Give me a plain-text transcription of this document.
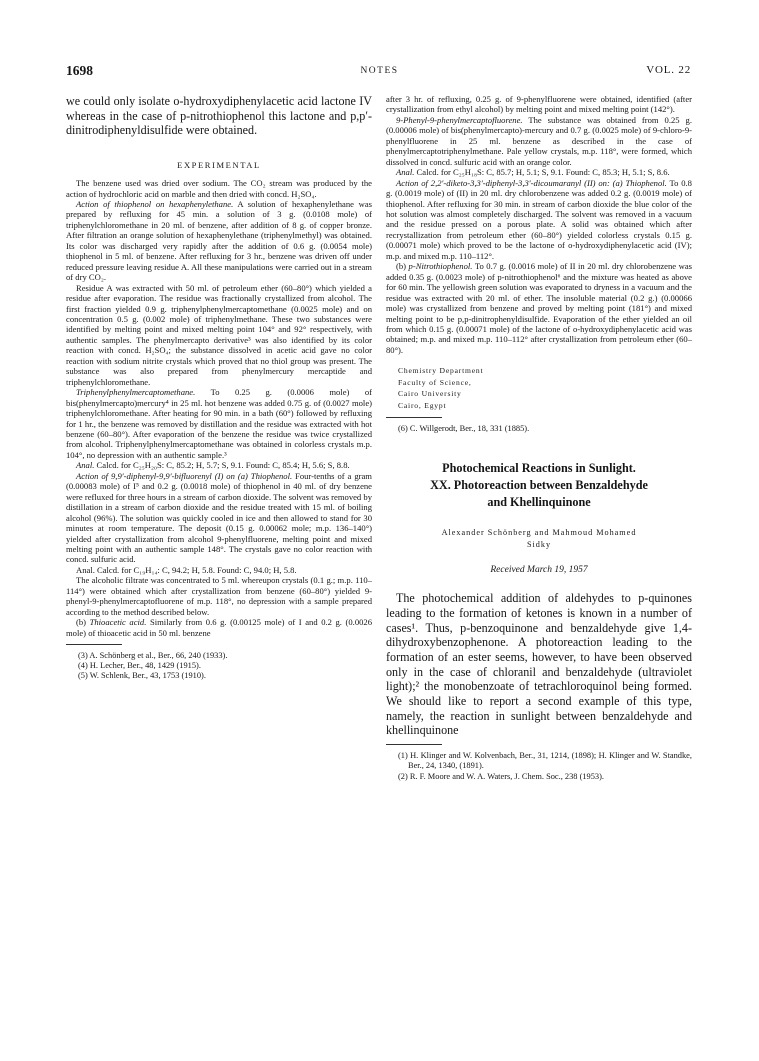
1698	NOTES	VOL. 22

we could only isolate o-hydroxydiphenylacetic acid lactone IV whereas in the case of p-nitrothiophenol this lactone and p,p′-dinitrodiphenyldisulfide were obtained.

EXPERIMENTAL

The benzene used was dried over sodium. The CO₂ stream was produced by the action of hydrochloric acid on marble and then dried with concd. H₂SO₄.

Action of thiophenol on hexaphenylethane. A solution of hexaphenylethane was prepared by refluxing for 45 min. a solution of 3 g. (0.0108 mole) of triphenylchloromethane in 20 ml. of benzene, after addition of 8 g. of copper bronze. After filtration an orange solution of hexaphenylethane (triphenylmethyl) was obtained. Its color was discharged very rapidly after the addition of 0.6 g. (0.0054 mole) thiophenol in 5 ml. of benzene. After refluxing for 3 hr., benzene was driven off under reduced pressure leaving residue A. All these manipulations were carried out in a stream of dry CO₂.

Residue A was extracted with 50 ml. of petroleum ether (60–80°) which yielded a residue after evaporation. The residue was fractionally crystallized from alcohol. The first fraction yielded 0.9 g. triphenylphenylmercaptomethane (0.0025 mole) and on concentration 0.5 g. (0.002 mole) of triphenylmethane. These two substances were identified by melting point and mixed melting point 104° and 92° respectively, with authentic samples. The phenylmercapto derivative³ was also identified by its color reaction with concd. H₂SO₄; the substance dissolved in acetic acid gave no color reaction with sodium nitrite crystals which proved that no thiol group was present. The substance was also prepared from phenylmercury mercaptide and triphenylchloromethane.

Triphenylphenylmercaptomethane. To 0.25 g. (0.0006 mole) of bis(phenylmercapto)mercury⁴ in 25 ml. hot benzene was added 0.75 g. of (0.0027 mole) triphenylchloromethane. After heating for 90 min. in a bath (60°) followed by refluxing for 1 hr., the benzene was removed by distillation and the residue was extracted with hot benzene (60–80°). After evaporation of the benzene the residue was twice crystallized from alcohol. Triphenylphenylmercaptomethane was obtained in colorless crystals m.p. 104°, no depression with an authentic sample.³

Anal. Calcd. for C₂₅H₂₀S: C, 85.2; H, 5.7; S, 9.1. Found: C, 85.4; H, 5.6; S, 8.8.

Action of 9,9′-diphenyl-9,9′-bifluorenyl (I) on (a) Thiophenol. Four-tenths of a gram (0.00083 mole) of I⁵ and 0.2 g. (0.0018 mole) of thiophenol in 40 ml. of dry benzene were refluxed for three hours in a stream of carbon dioxide. The solvent was removed by distillation in a stream of carbon dioxide and the residue treated with 15 ml. of boiling alcohol (96%). The solution was quickly cooled in ice and then allowed to stand for 30 minutes at room temperature. The deposit (0.15 g. 0.00062 mole; m.p. 136–140°) yielded after crystallization from alcohol 9-phenylfluorene, melting point and mixed melting point with an authentic sample 148°. The crystals gave no color reaction with concd. sulfuric acid.

Anal. Calcd. for C₁₉H₁₄: C, 94.2; H, 5.8. Found: C, 94.0; H, 5.8.

The alcoholic filtrate was concentrated to 5 ml. whereupon crystals (0.1 g.; m.p. 110–114°) were obtained which after crystallization from benzene (60–80°) yielded 9-phenyl-9-phenylmercaptofluorene of m.p. 118°, no depression with a sample prepared according to the method described below.

(b) Thioacetic acid. Similarly from 0.6 g. (0.00125 mole) of I and 0.2 g. (0.0026 mole) of thioacetic acid in 50 ml. benzene

(3) A. Schönberg et al., Ber., 66, 240 (1933).

(4) H. Lecher, Ber., 48, 1429 (1915).

(5) W. Schlenk, Ber., 43, 1753 (1910).

after 3 hr. of refluxing, 0.25 g. of 9-phenylfluorene were obtained, identified (after crystallization from ethyl alcohol) by melting point and mixed melting point (142°).

9-Phenyl-9-phenylmercaptofluorene. The substance was obtained from 0.25 g. (0.00006 mole) of bis(phenylmercapto)-mercury and 0.7 g. (0.0025 mole) of 9-chloro-9-phenylfluorene in 25 ml. benzene as described in the case of phenylmercaptotriphenylmethane. Pale yellow crystals, m.p. 118°, were formed, which dissolved in concd. sulfuric acid with an orange color.

Anal. Calcd. for C₂₅H₁₈S: C, 85.7; H, 5.1; S, 9.1. Found: C, 85.3; H, 5.1; S, 8.6.

Action of 2,2′-diketo-3,3′-diphenyl-3,3′-dicoumaranyl (II) on: (a) Thiophenol. To 0.8 g. (0.0019 mole) of (II) in 20 ml. dry chlorobenzene was added 0.2 g. (0.0019 mole) of thiophenol. After refluxing for 30 min. in stream of carbon dioxide the blue color of the hot solution was almost completely discharged. The solvent was removed in a vacuum and the residue pressed on a porous plate. A solid was obtained which after recrystallization from petroleum ether (60–80°) yielded colorless crystals 0.15 g. (0.00071 mole) which proved to be the lactone of o-hydroxydiphenylacetic acid (IV); m.p. and mixed m.p. 110–112°.

(b) p-Nitrothiophenol. To 0.7 g. (0.0016 mole) of II in 20 ml. dry chlorobenzene was added 0.35 g. (0.0023 mole) of p-nitrothiophenol⁶ and the mixture was heated as above for 60 min. The yellowish green solution was evaporated to dryness in a vacuum and the residue was extracted with 20 ml. of ether. The insoluble material (0.2 g.) (0.00066 mole) was crystallized from benzene and proved by melting point (181°) and mixed melting point to be p,p-dinitrophenyldisulfide. Evaporation of the ether yielded an oil from which 0.15 g. (0.00071 mole) of the lactone of o-hydroxydiphenylacetic acid was obtained; m.p. and mixed m.p. 110–112° after crystallization from petroleum ether (60–80°).

Chemistry Department
Faculty of Science,
Cairo University
Cairo, Egypt

(6) C. Willgerodt, Ber., 18, 331 (1885).

Photochemical Reactions in Sunlight.
XX. Photoreaction between Benzaldehyde
and Khellinquinone
Alexander Schönberg and Mahmoud Mohamed
Sidky
Received March 19, 1957

The photochemical addition of aldehydes to p-quinones leading to the formation of ketones is known in a number of cases¹. Thus, p-benzoquinone and benzaldehyde give 1,4-dihydroxybenzophenone. A photoreaction leading to the formation of an ester seems, however, to have been observed only in the case of chloranil and benzaldehyde (ultraviolet light);² the monobenzoate of tetrachloroquinol being formed. We should like to report a second example of this type, namely, the reaction in sunlight between benzaldehyde and khellinquinone

(1) H. Klinger and W. Kolvenbach, Ber., 31, 1214, (1898); H. Klinger and W. Standke, Ber., 24, 1340, (1891).

(2) R. F. Moore and W. A. Waters, J. Chem. Soc., 238 (1953).
